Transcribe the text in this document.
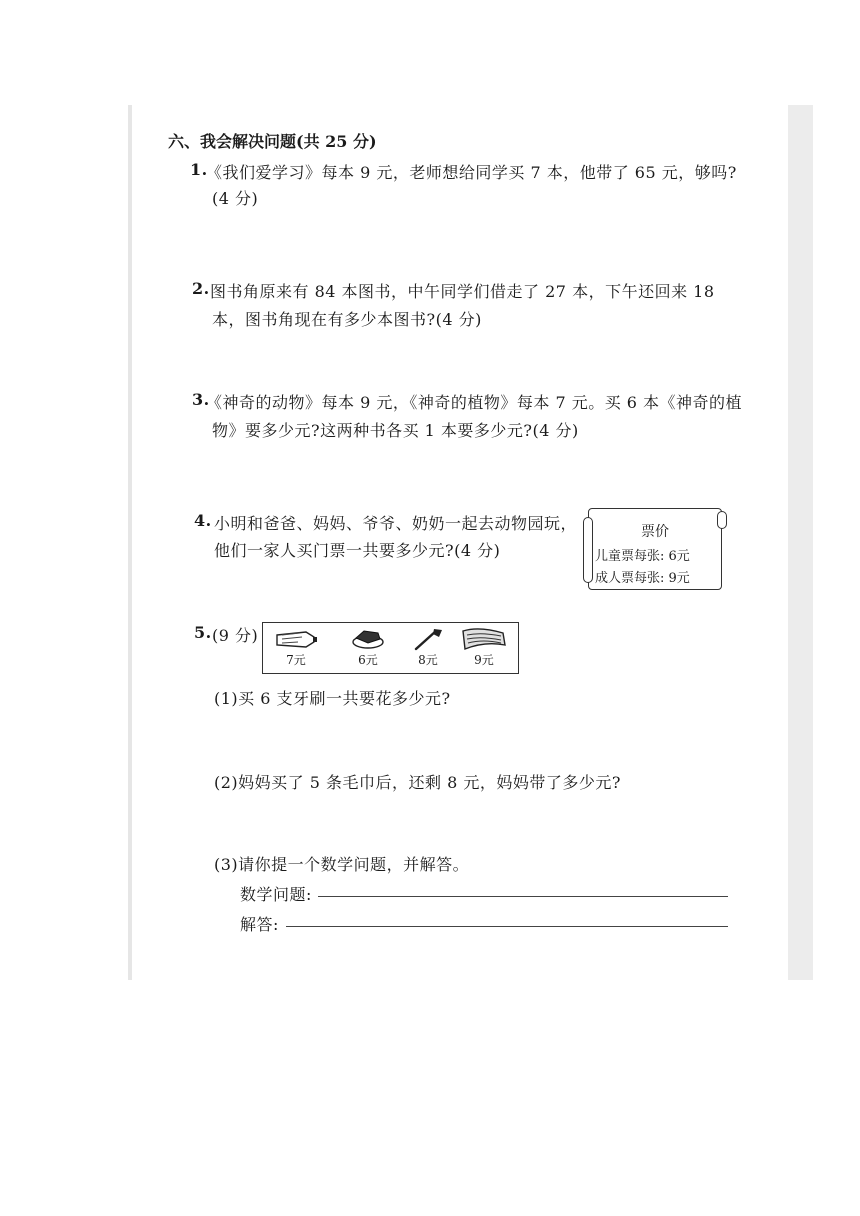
六、我会解决问题(共 25 分)
1.
《我们爱学习》每本 9 元，老师想给同学买 7 本，他带了 65 元，够吗?
(4 分)
2. 图书角原来有 84 本图书，中午同学们借走了 27 本，下午还回来 18
本，图书角现在有多少本图书?(4 分)
3.
《神奇的动物》每本 9 元，《神奇的植物》每本 7 元。买 6 本《神奇的植
物》要多少元?这两种书各买 1 本要多少元?(4 分)
4. 小明和爸爸、妈妈、爷爷、奶奶一起去动物园玩，
他们一家人买门票一共要多少元?(4 分)
票价
儿童票每张: 6元
成人票每张: 9元
5. (9 分)
7元	6元	8元	9元
(1)买 6 支牙刷一共要花多少元?
(2)妈妈买了 5 条毛巾后，还剩 8 元，妈妈带了多少元?
(3)请你提一个数学问题，并解答。
数学问题:
解答:
